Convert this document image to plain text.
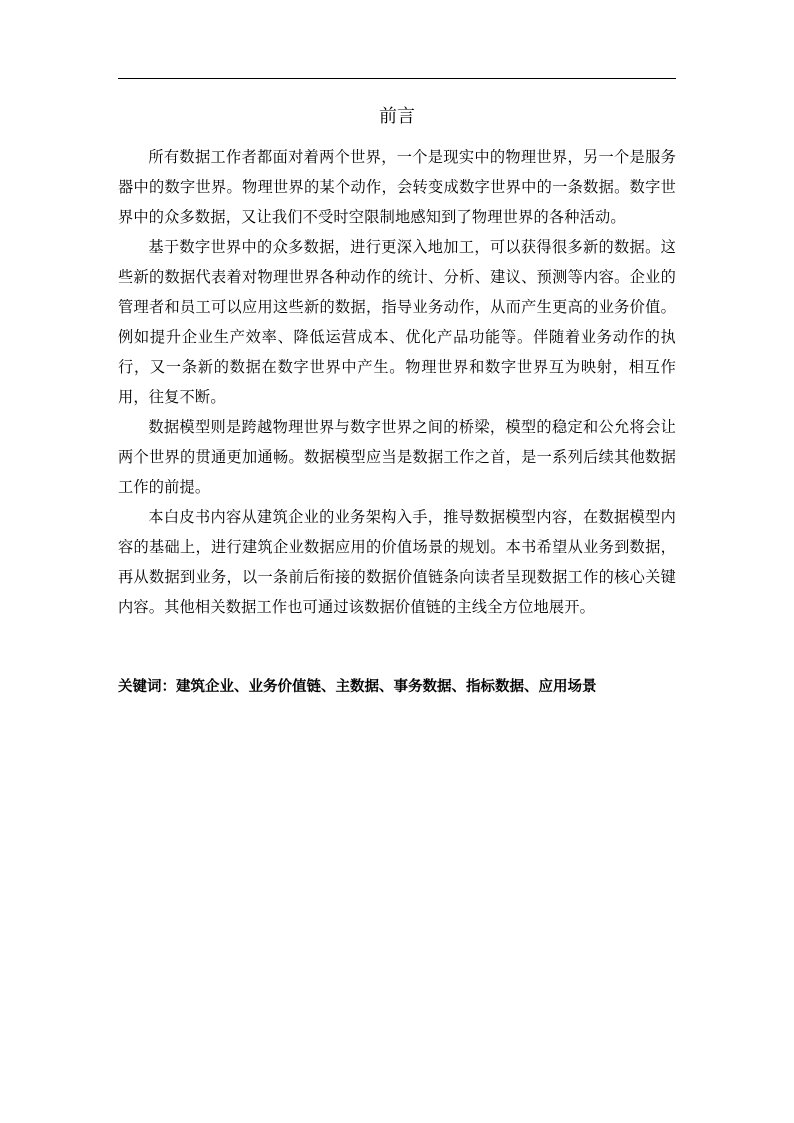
前言

所有数据工作者都面对着两个世界，一个是现实中的物理世界，另一个是服务器中的数字世界。物理世界的某个动作，会转变成数字世界中的一条数据。数字世界中的众多数据，又让我们不受时空限制地感知到了物理世界的各种活动。

基于数字世界中的众多数据，进行更深入地加工，可以获得很多新的数据。这些新的数据代表着对物理世界各种动作的统计、分析、建议、预测等内容。企业的管理者和员工可以应用这些新的数据，指导业务动作，从而产生更高的业务价值。例如提升企业生产效率、降低运营成本、优化产品功能等。伴随着业务动作的执行，又一条新的数据在数字世界中产生。物理世界和数字世界互为映射，相互作用，往复不断。

数据模型则是跨越物理世界与数字世界之间的桥梁，模型的稳定和公允将会让两个世界的贯通更加通畅。数据模型应当是数据工作之首，是一系列后续其他数据工作的前提。

本白皮书内容从建筑企业的业务架构入手，推导数据模型内容，在数据模型内容的基础上，进行建筑企业数据应用的价值场景的规划。本书希望从业务到数据，再从数据到业务，以一条前后衔接的数据价值链条向读者呈现数据工作的核心关键内容。其他相关数据工作也可通过该数据价值链的主线全方位地展开。

关键词：建筑企业、业务价值链、主数据、事务数据、指标数据、应用场景
